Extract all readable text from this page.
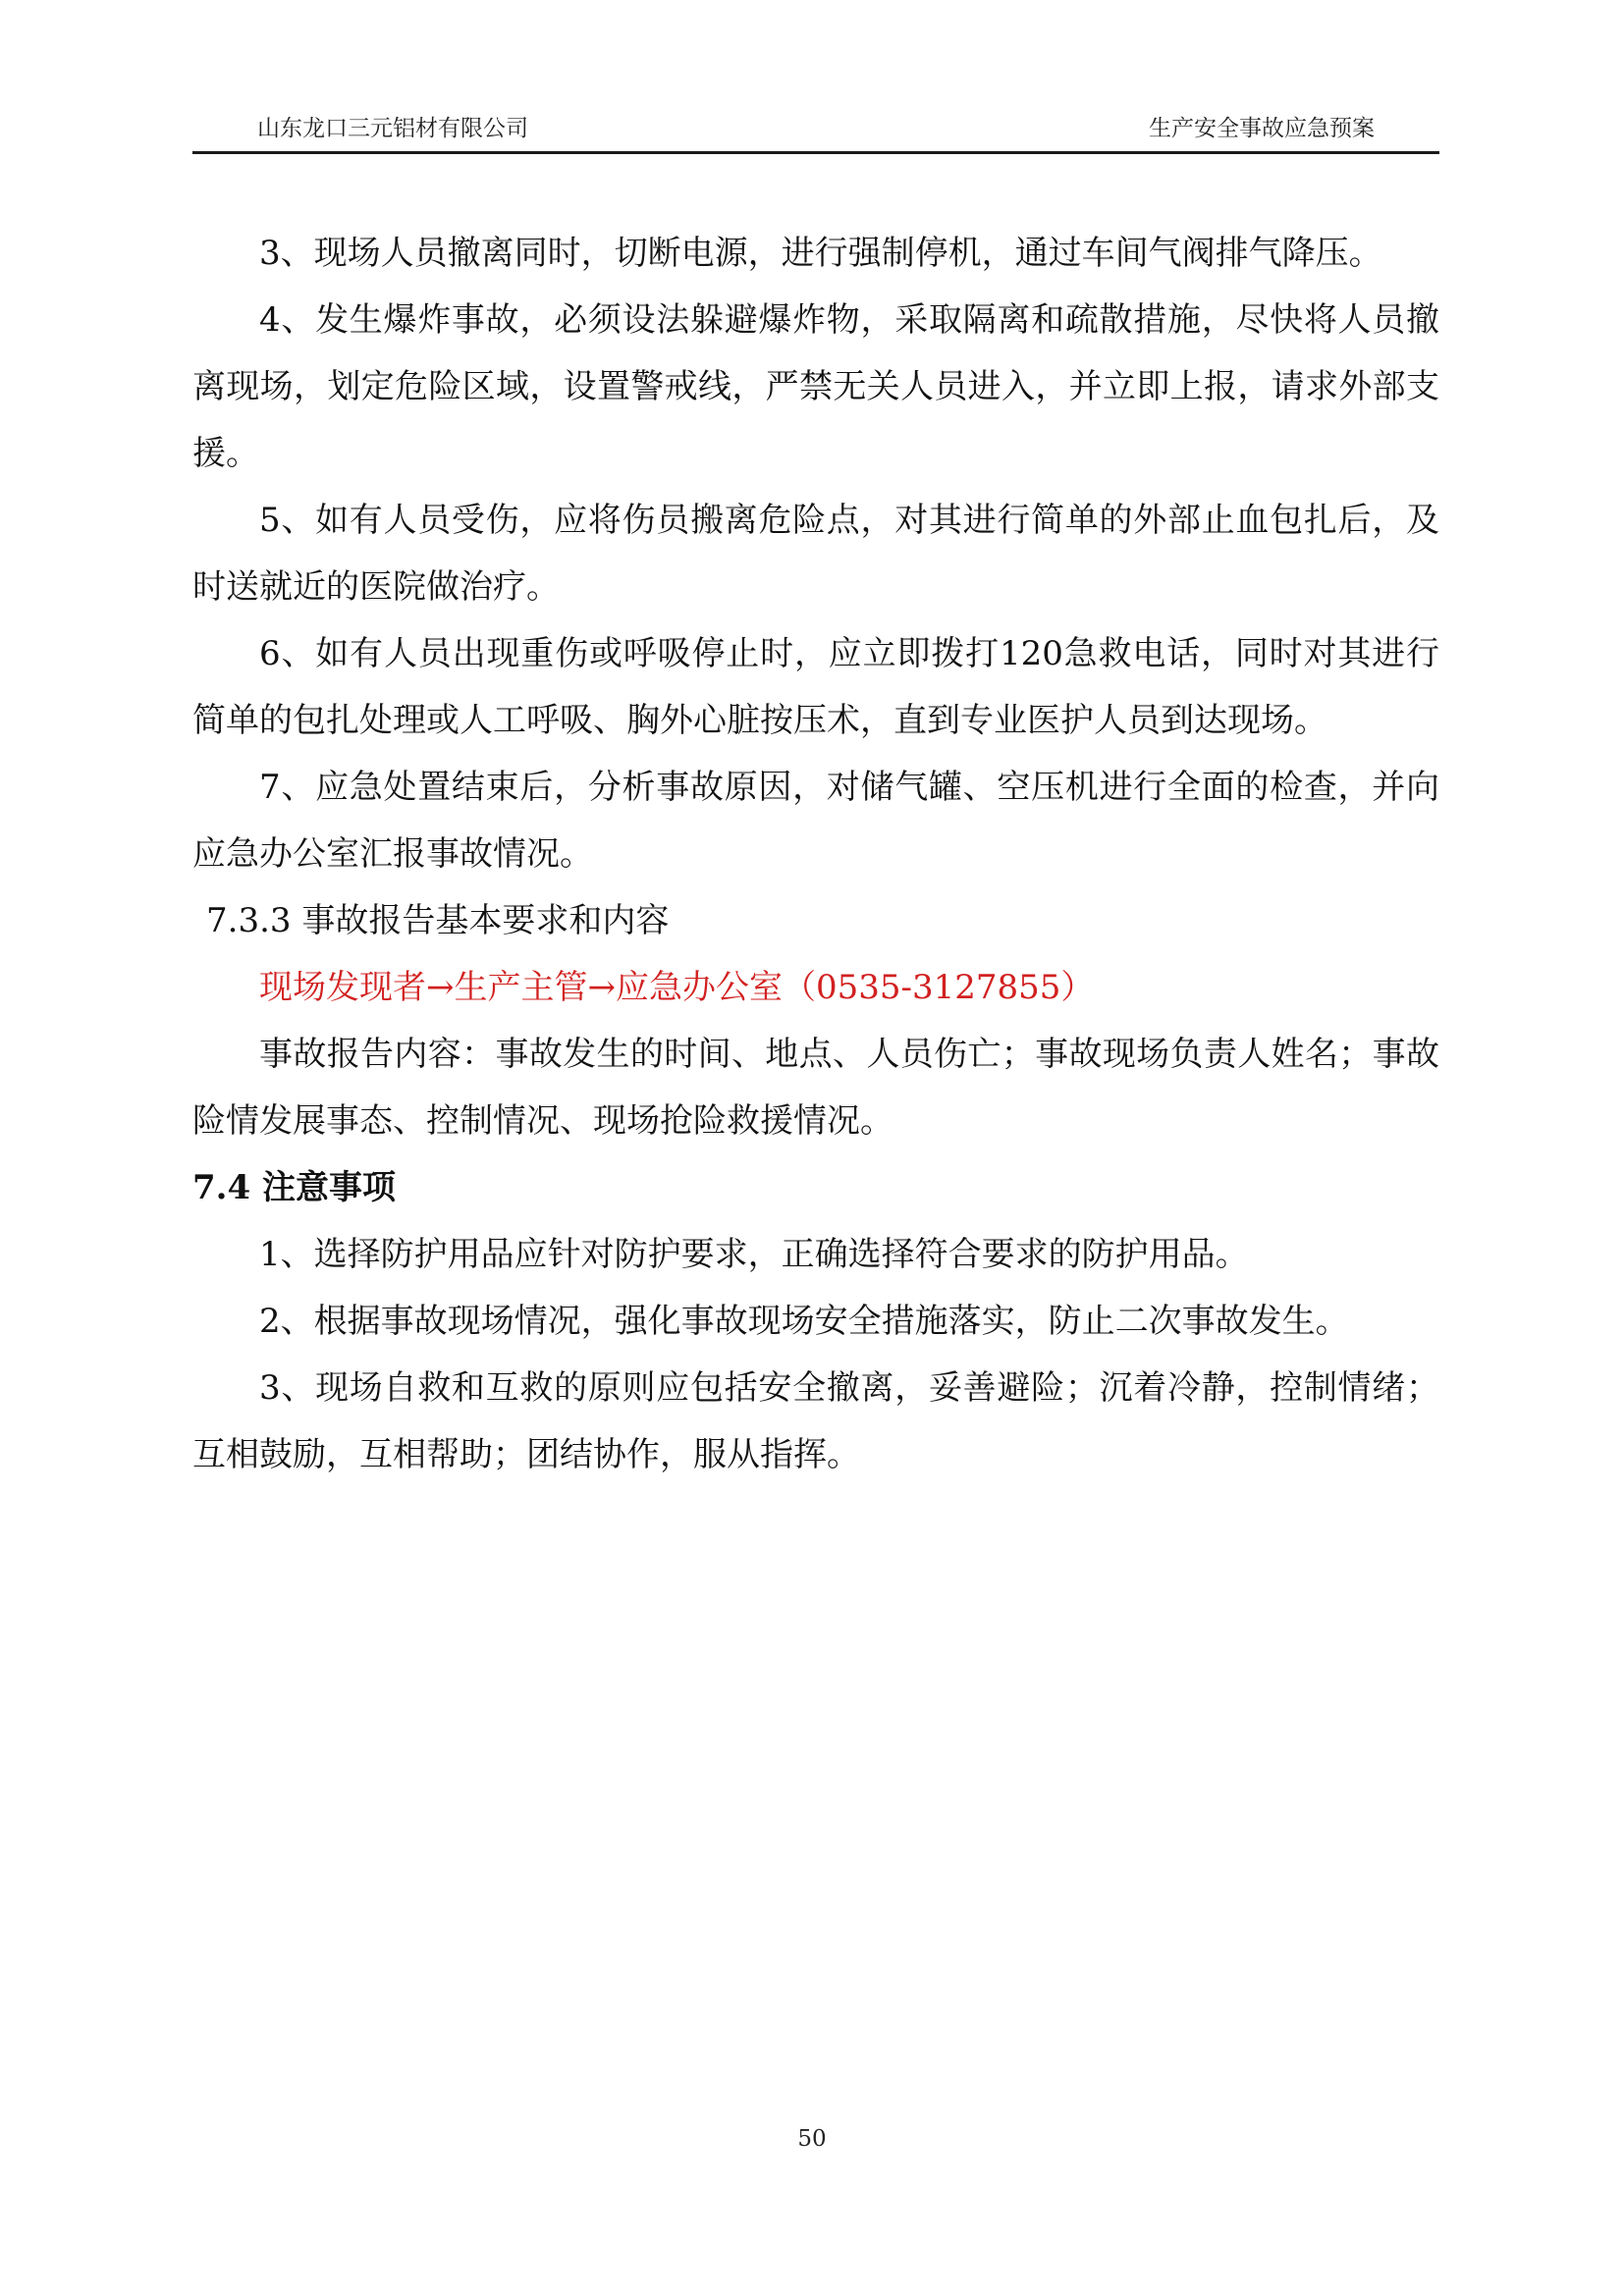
山东龙口三元铝材有限公司	生产安全事故应急预案

3、现场人员撤离同时，切断电源，进行强制停机，通过车间气阀排气降压。

4、发生爆炸事故，必须设法躲避爆炸物，采取隔离和疏散措施，尽快将人员撤离现场，划定危险区域，设置警戒线，严禁无关人员进入，并立即上报，请求外部支援。

5、如有人员受伤，应将伤员搬离危险点，对其进行简单的外部止血包扎后，及时送就近的医院做治疗。

6、如有人员出现重伤或呼吸停止时，应立即拨打120急救电话，同时对其进行简单的包扎处理或人工呼吸、胸外心脏按压术，直到专业医护人员到达现场。

7、应急处置结束后，分析事故原因，对储气罐、空压机进行全面的检查，并向应急办公室汇报事故情况。

7.3.3 事故报告基本要求和内容

现场发现者→生产主管→应急办公室（0535-3127855）

事故报告内容：事故发生的时间、地点、人员伤亡；事故现场负责人姓名；事故险情发展事态、控制情况、现场抢险救援情况。

7.4 注意事项

1、选择防护用品应针对防护要求，正确选择符合要求的防护用品。

2、根据事故现场情况，强化事故现场安全措施落实，防止二次事故发生。

3、现场自救和互救的原则应包括安全撤离，妥善避险；沉着冷静，控制情绪；互相鼓励，互相帮助；团结协作，服从指挥。

50
